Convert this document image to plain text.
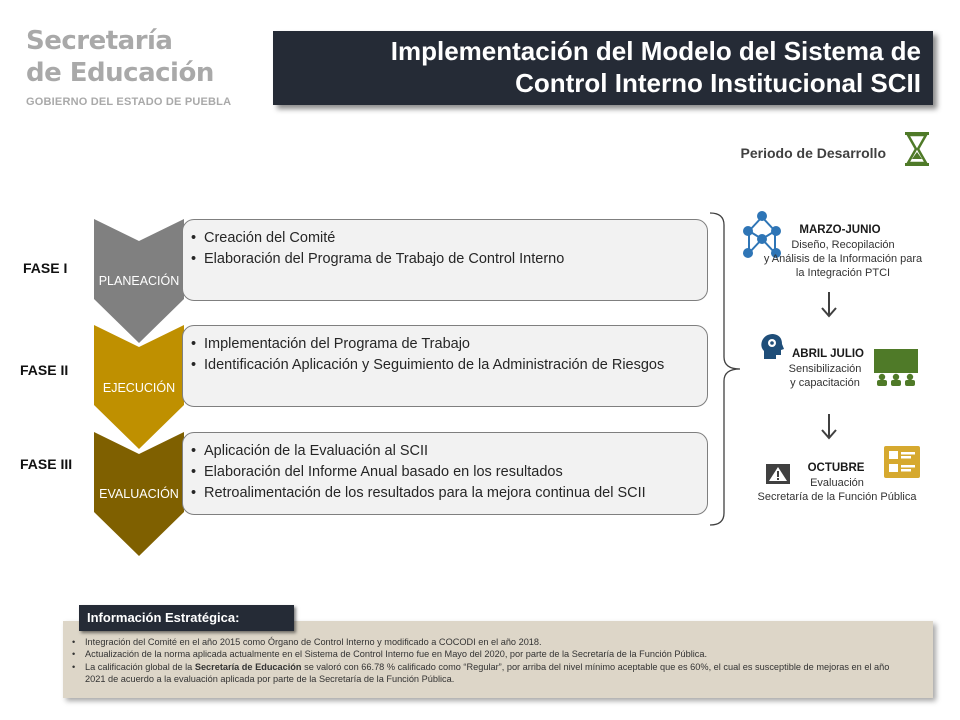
Secretaría
de Educación
GOBIERNO DEL ESTADO DE PUEBLA
Implementación del Modelo del Sistema de
Control Interno Institucional SCII
Periodo de Desarrollo
FASE I
PLANEACIÓN
• Creación del Comité
• Elaboración del Programa de Trabajo de Control Interno
FASE II
EJECUCIÓN
• Implementación del Programa de Trabajo
• Identificación Aplicación y Seguimiento de la Administración de Riesgos
FASE III
EVALUACIÓN
• Aplicación de la Evaluación al SCII
• Elaboración del Informe Anual basado en los resultados
• Retroalimentación de los resultados para la mejora continua del SCII
MARZO-JUNIO
Diseño, Recopilación
y Análisis de la Información para
la Integración PTCI
ABRIL JULIO
Sensibilización
y capacitación
OCTUBRE
Evaluación
Secretaría de la Función Pública
Información Estratégica:
• Integración del Comité en el año 2015 como Órgano de Control Interno y modificado a COCODI en el año 2018.
• Actualización de la norma aplicada actualmente en el Sistema de Control Interno fue en Mayo del 2020, por parte de la Secretaría de la Función Pública.
• La calificación global de la Secretaría de Educación se valoró con 66.78 % calificado como “Regular”, por arriba del nivel mínimo aceptable que es 60%, el cual es susceptible de mejoras en el año 2021 de acuerdo a la evaluación aplicada por parte de la Secretaría de la Función Pública.
